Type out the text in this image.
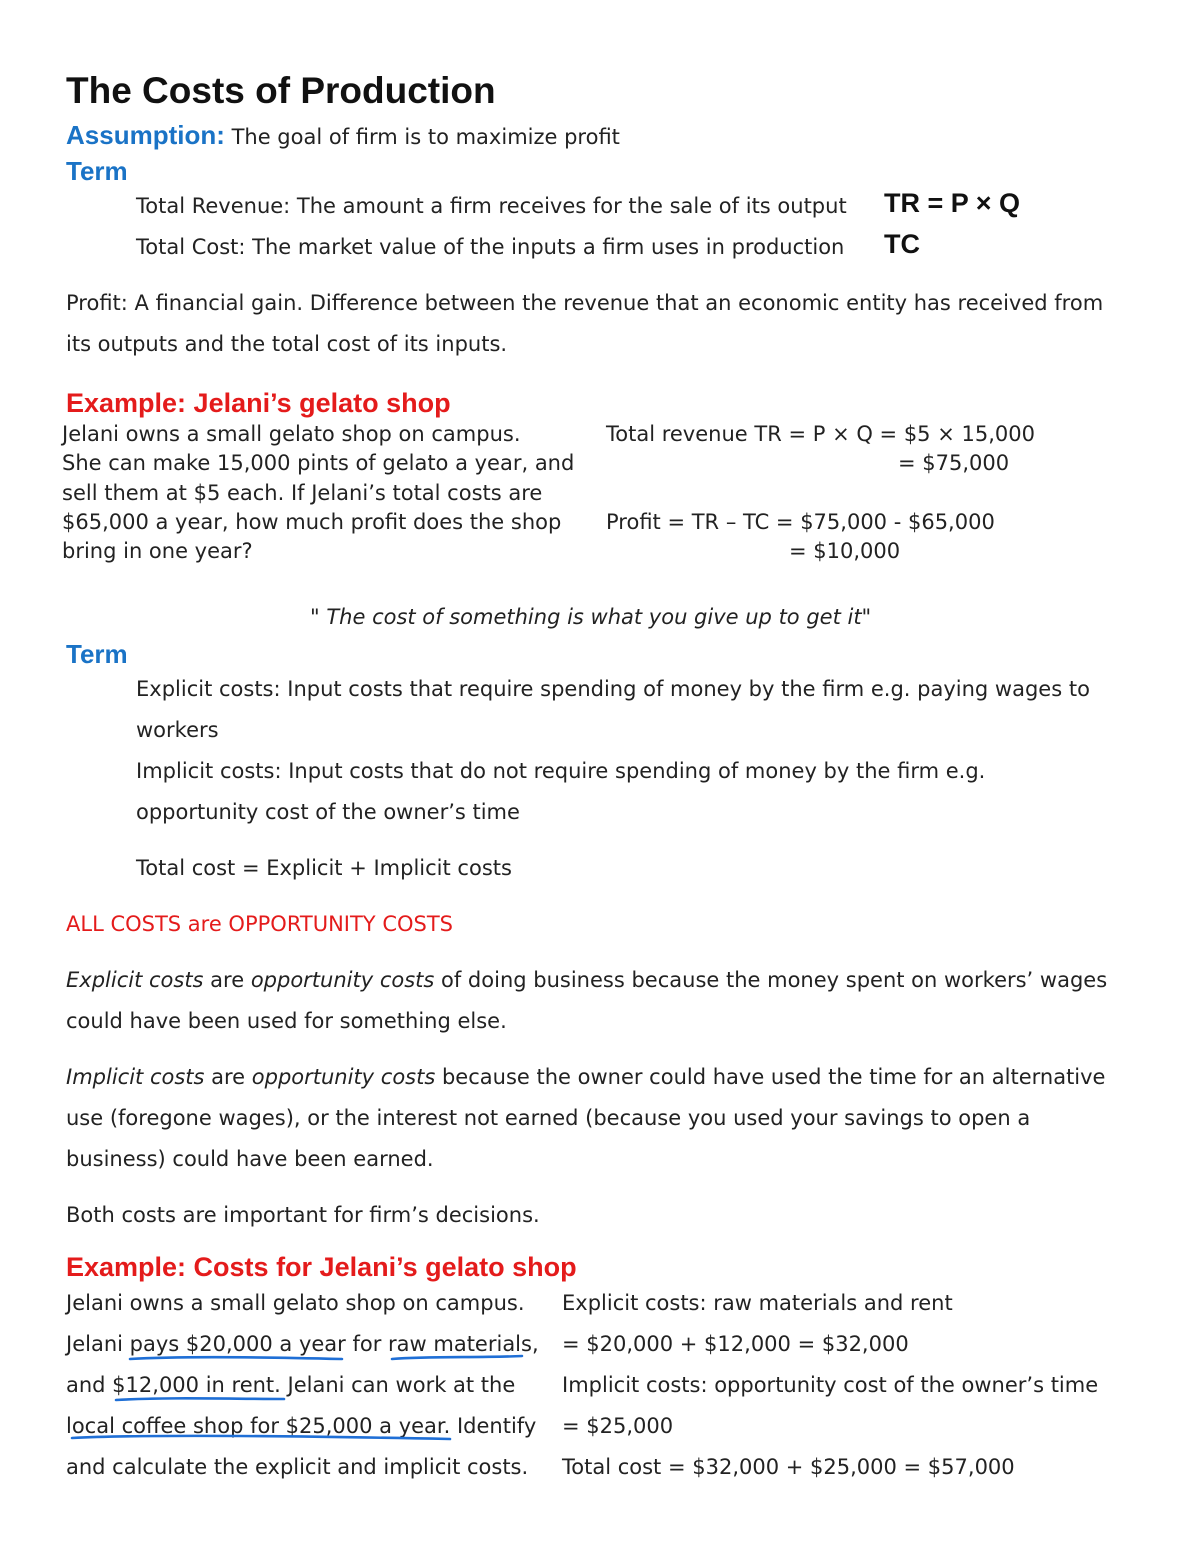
The Costs of Production
Assumption: The goal of firm is to maximize profit
Term
Total Revenue: The amount a firm receives for the sale of its output TR = P × Q
Total Cost: The market value of the inputs a firm uses in production TC
Profit: A financial gain. Difference between the revenue that an economic entity has received from
its outputs and the total cost of its inputs.
Example: Jelani’s gelato shop
Jelani owns a small gelato shop on campus.
She can make 15,000 pints of gelato a year, and
sell them at $5 each. If Jelani’s total costs are
$65,000 a year, how much profit does the shop
bring in one year?
Total revenue TR = P × Q = $5 × 15,000
= $75,000
Profit = TR – TC = $75,000 - $65,000
= $10,000
" The cost of something is what you give up to get it"
Term
Explicit costs: Input costs that require spending of money by the firm e.g. paying wages to
workers
Implicit costs: Input costs that do not require spending of money by the firm e.g.
opportunity cost of the owner’s time
Total cost = Explicit + Implicit costs
ALL COSTS are OPPORTUNITY COSTS
Explicit costs are opportunity costs of doing business because the money spent on workers’ wages
could have been used for something else.
Implicit costs are opportunity costs because the owner could have used the time for an alternative
use (foregone wages), or the interest not earned (because you used your savings to open a
business) could have been earned.
Both costs are important for firm’s decisions.
Example: Costs for Jelani’s gelato shop
Jelani owns a small gelato shop on campus.
Jelani pays $20,000 a year for raw materials,
and $12,000 in rent. Jelani can work at the
local coffee shop for $25,000 a year. Identify
and calculate the explicit and implicit costs.
Explicit costs: raw materials and rent
= $20,000 + $12,000 = $32,000
Implicit costs: opportunity cost of the owner’s time
= $25,000
Total cost = $32,000 + $25,000 = $57,000
